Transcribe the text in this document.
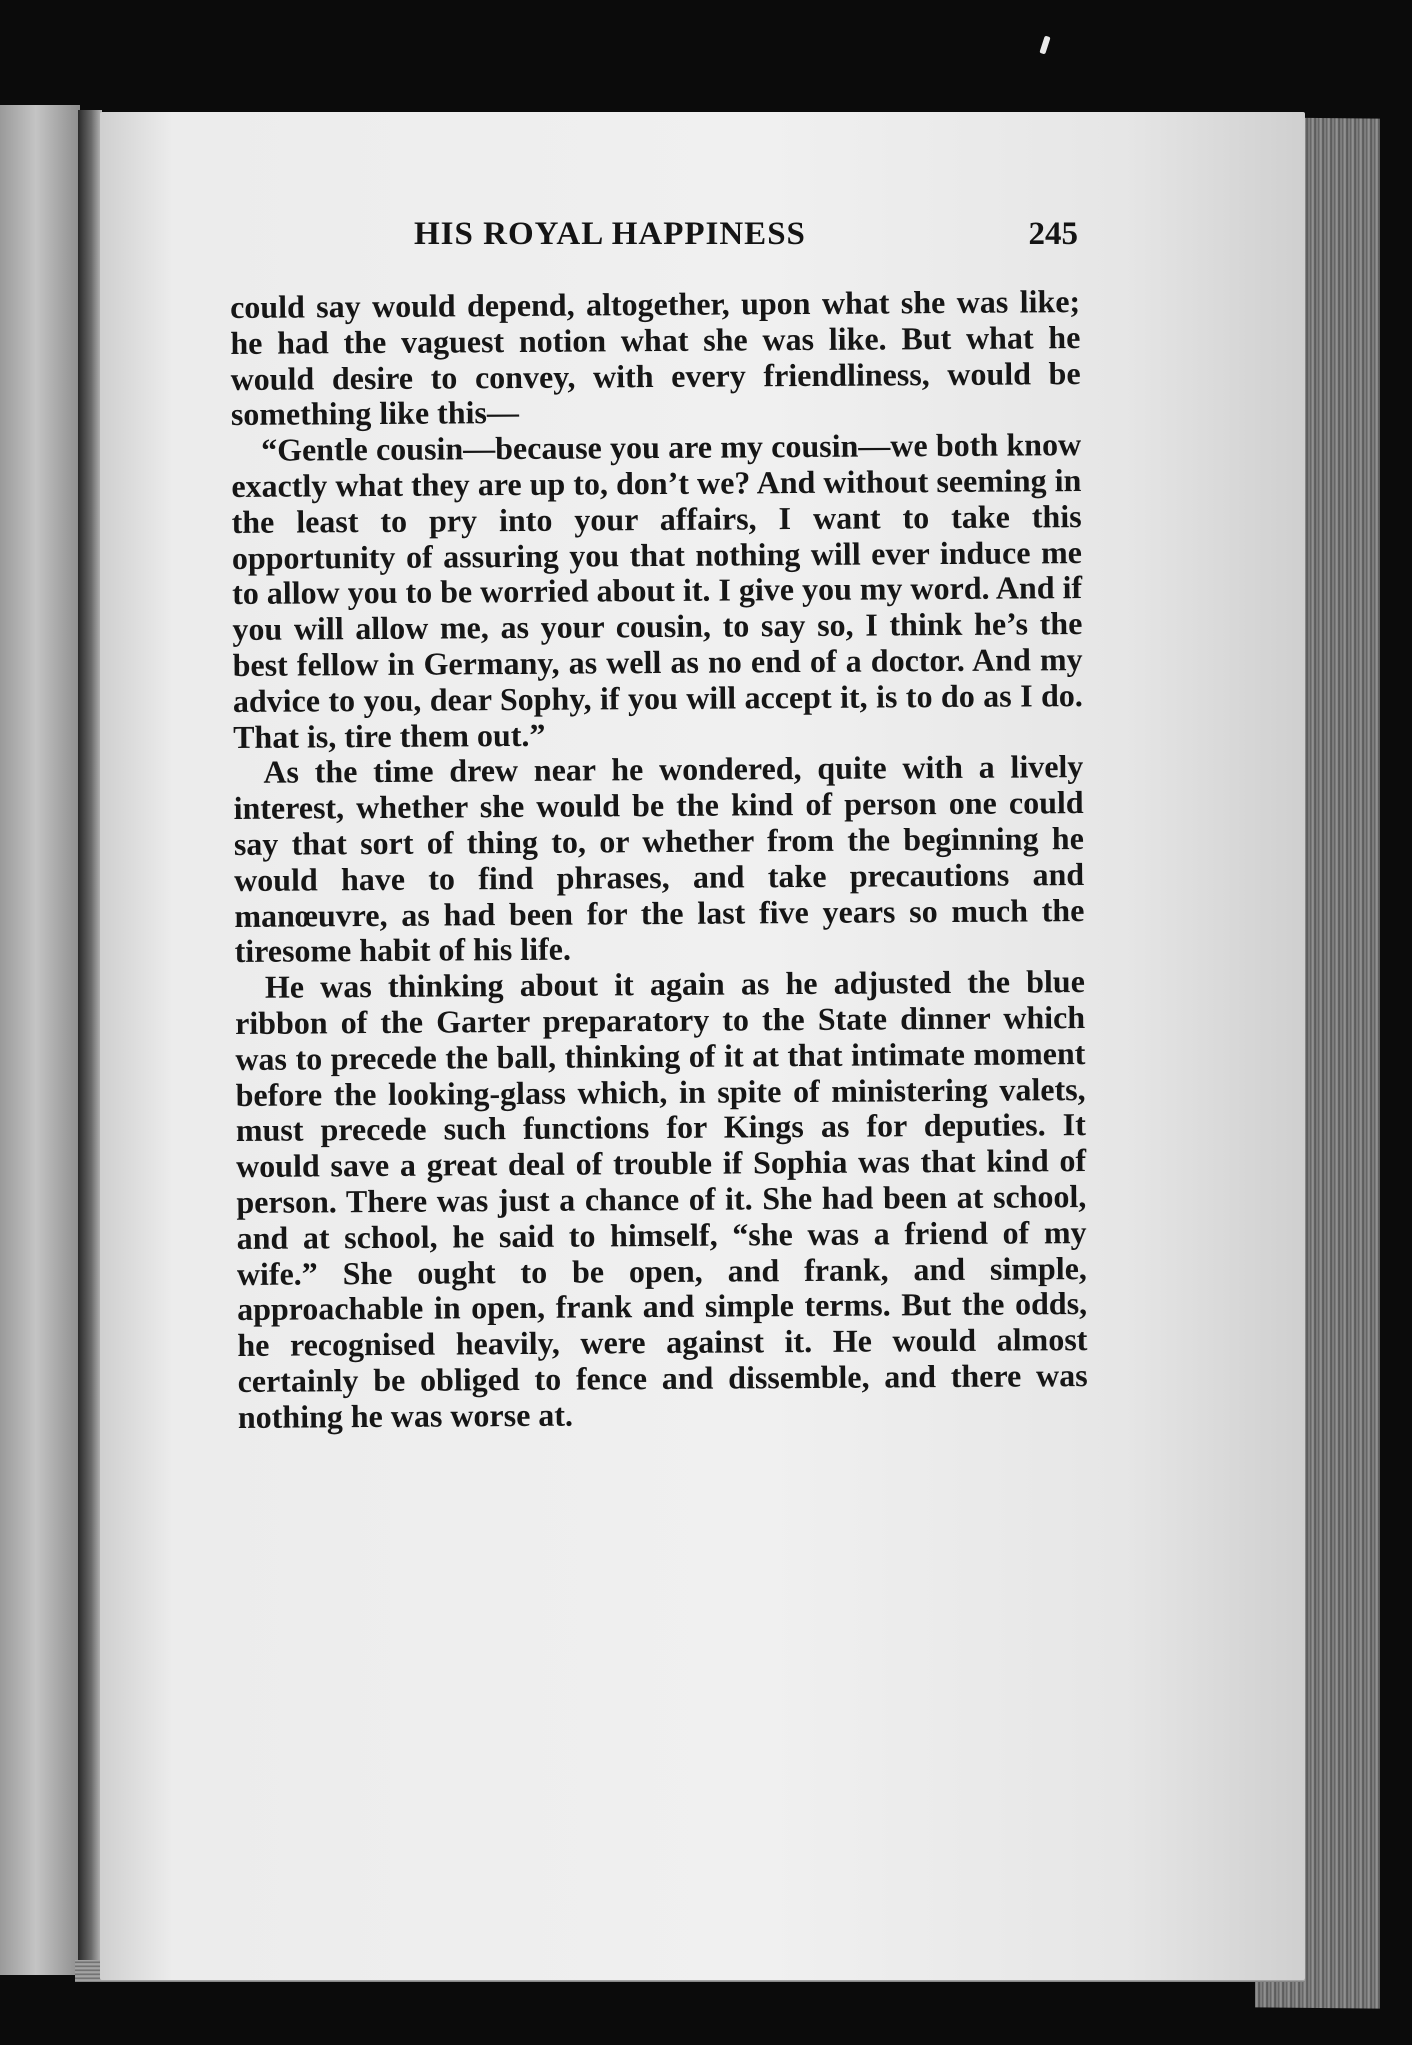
HIS ROYAL HAPPINESS	245

could say would depend, altogether, upon what she was like; he had the vaguest notion what she was like. But what he would desire to convey, with every friendliness, would be something like this—

“Gentle cousin—because you are my cousin—we both know exactly what they are up to, don’t we? And without seeming in the least to pry into your affairs, I want to take this opportunity of assuring you that nothing will ever induce me to allow you to be worried about it. I give you my word. And if you will allow me, as your cousin, to say so, I think he’s the best fellow in Germany, as well as no end of a doctor. And my advice to you, dear Sophy, if you will accept it, is to do as I do. That is, tire them out.”

As the time drew near he wondered, quite with a lively interest, whether she would be the kind of person one could say that sort of thing to, or whether from the beginning he would have to find phrases, and take precautions and manœuvre, as had been for the last five years so much the tiresome habit of his life.

He was thinking about it again as he adjusted the blue ribbon of the Garter preparatory to the State dinner which was to precede the ball, thinking of it at that intimate moment before the looking-glass which, in spite of ministering valets, must precede such functions for Kings as for deputies. It would save a great deal of trouble if Sophia was that kind of person. There was just a chance of it. She had been at school, and at school, he said to himself, “she was a friend of my wife.” She ought to be open, and frank, and simple, approachable in open, frank and simple terms. But the odds, he recognised heavily, were against it. He would almost certainly be obliged to fence and dissemble, and there was nothing he was worse at.
